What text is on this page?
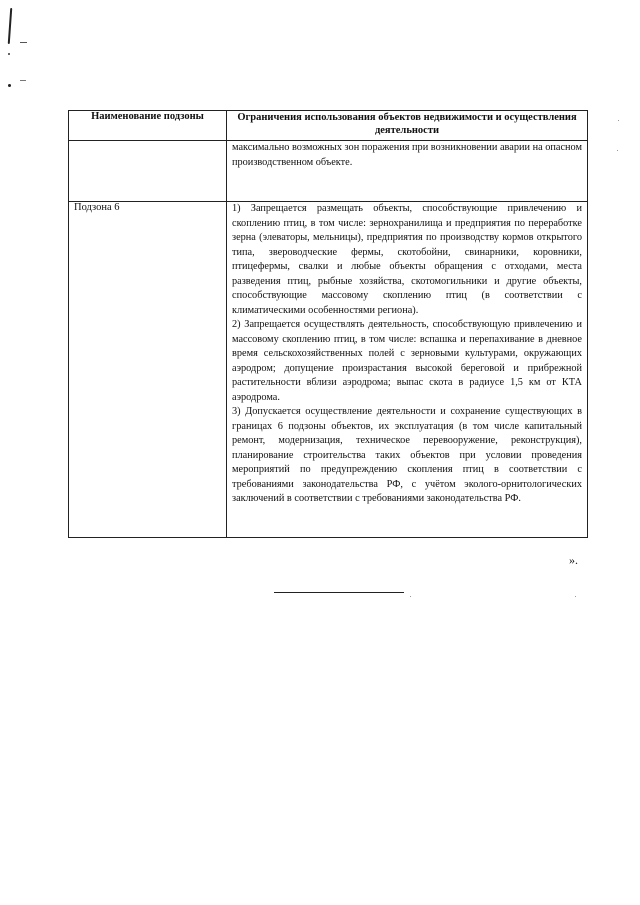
Наименование подзоны	Ограничения использования объектов недвижимости и осуществления деятельности
	максимально возможных зон поражения при возникновении аварии на опасном производственном объекте.
Подзона 6	1) Запрещается размещать объекты, способствующие привлечению и скоплению птиц, в том числе: зернохранилища и предприятия по переработке зерна (элеваторы, мельницы), предприятия по производству кормов открытого типа, звероводческие фермы, скотобойни, свинарники, коровники, птицефермы, свалки и любые объекты обращения с отходами, места разведения птиц, рыбные хозяйства, скотомогильники и другие объекты, способствующие массовому скоплению птиц (в соответствии с климатическими особенностями региона).

2) Запрещается осуществлять деятельность, способствующую привлечению и массовому скоплению птиц, в том числе: вспашка и перепахивание в дневное время сельскохозяйственных полей с зерновыми культурами, окружающих аэродром; допущение произрастания высокой береговой и прибрежной растительности вблизи аэродрома; выпас скота в радиусе 1,5 км от КТА аэродрома.

3) Допускается осуществление деятельности и сохранение существующих в границах 6 подзоны объектов, их эксплуатация (в том числе капитальный ремонт, модернизация, техническое перевооружение, реконструкция), планирование строительства таких объектов при условии проведения мероприятий по предупреждению скопления птиц в соответствии с требованиями законодательства РФ, с учётом эколого-орнитологических заключений в соответствии с требованиями законодательства РФ.

».
